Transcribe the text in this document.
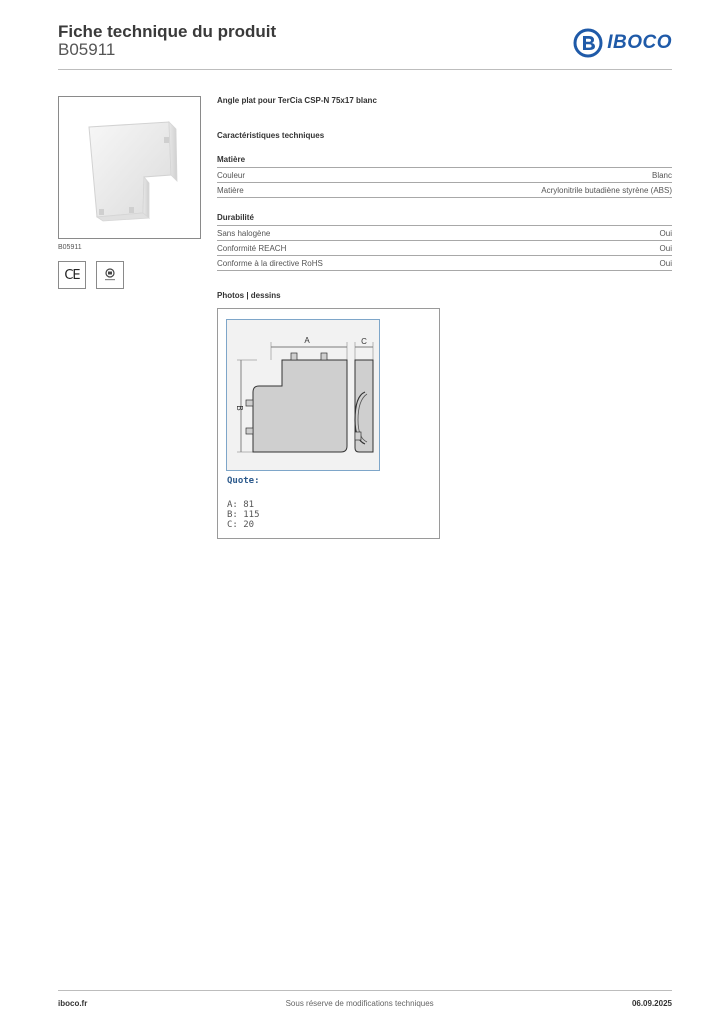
Fiche technique du produit
B05911	IBOCO
B05911
CE
Angle plat pour TerCia CSP-N 75x17 blanc
Caractéristiques techniques
Matière
Couleur	Blanc
Matière	Acrylonitrile butadiène styrène (ABS)
Durabilité
Sans halogène	Oui
Conformité REACH	Oui
Conforme à la directive RoHS	Oui
Photos | dessins
A	C
B
Quote:
A: 81
B: 115
C: 20
iboco.fr	Sous réserve de modifications techniques	06.09.2025
